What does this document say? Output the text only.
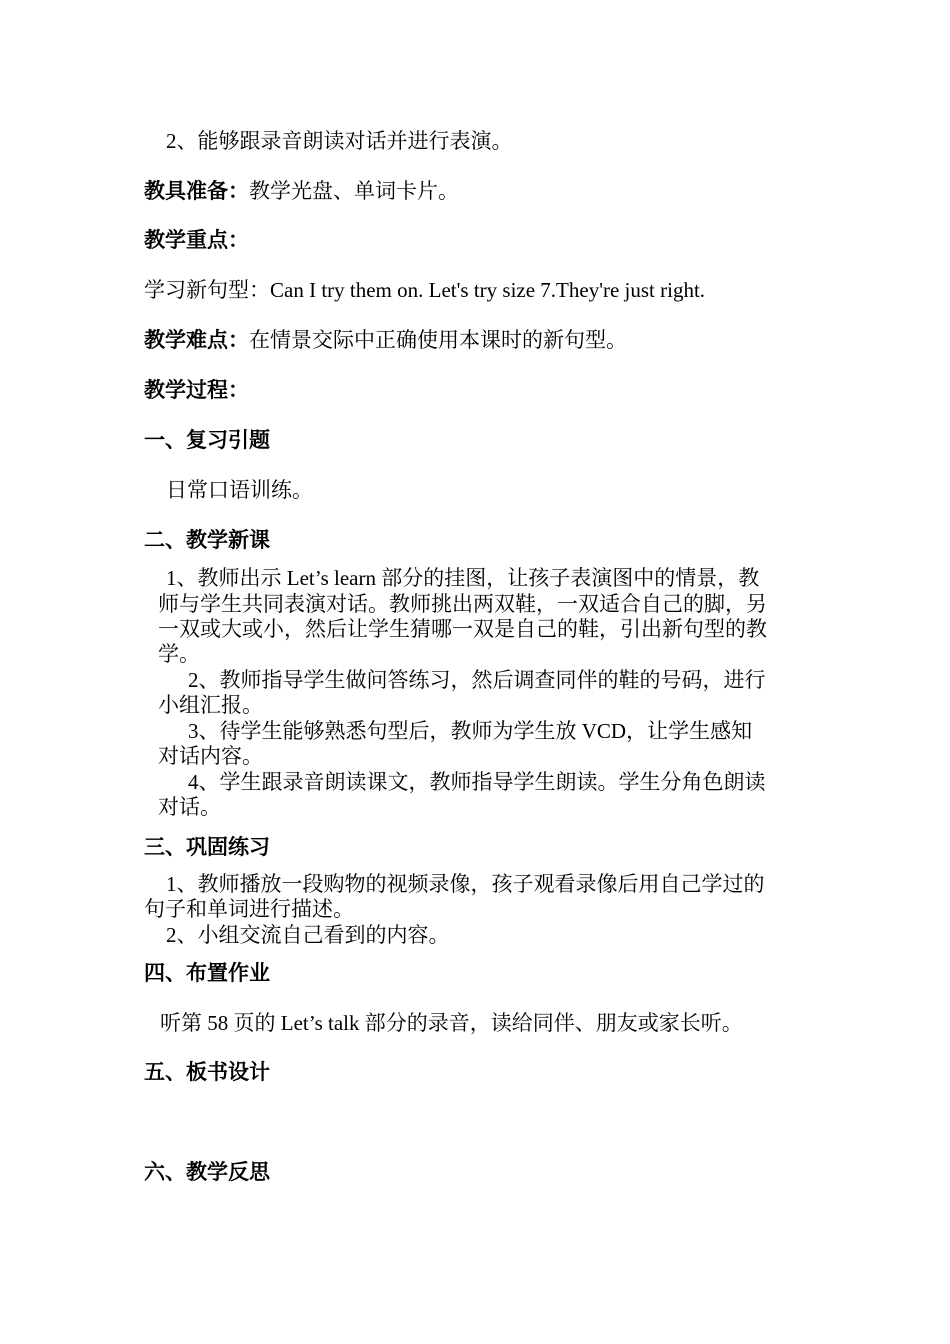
2、能够跟录音朗读对话并进行表演。
教具准备：教学光盘、单词卡片。
教学重点：
学习新句型：Can I try them on. Let's try size 7.They're just right.
教学难点：在情景交际中正确使用本课时的新句型。
教学过程：
一、复习引题
日常口语训练。
二、教学新课
1、教师出示 Let’s learn 部分的挂图，让孩子表演图中的情景，教
师与学生共同表演对话。教师挑出两双鞋，一双适合自己的脚，另
一双或大或小，然后让学生猜哪一双是自己的鞋，引出新句型的教
学。
2、教师指导学生做问答练习，然后调查同伴的鞋的号码，进行
小组汇报。
3、待学生能够熟悉句型后，教师为学生放 VCD，让学生感知
对话内容。
4、学生跟录音朗读课文，教师指导学生朗读。学生分角色朗读
对话。
三、巩固练习
1、教师播放一段购物的视频录像，孩子观看录像后用自己学过的
句子和单词进行描述。
2、小组交流自己看到的内容。
四、布置作业
听第 58 页的 Let’s talk 部分的录音，读给同伴、朋友或家长听。
五、板书设计
六、教学反思
